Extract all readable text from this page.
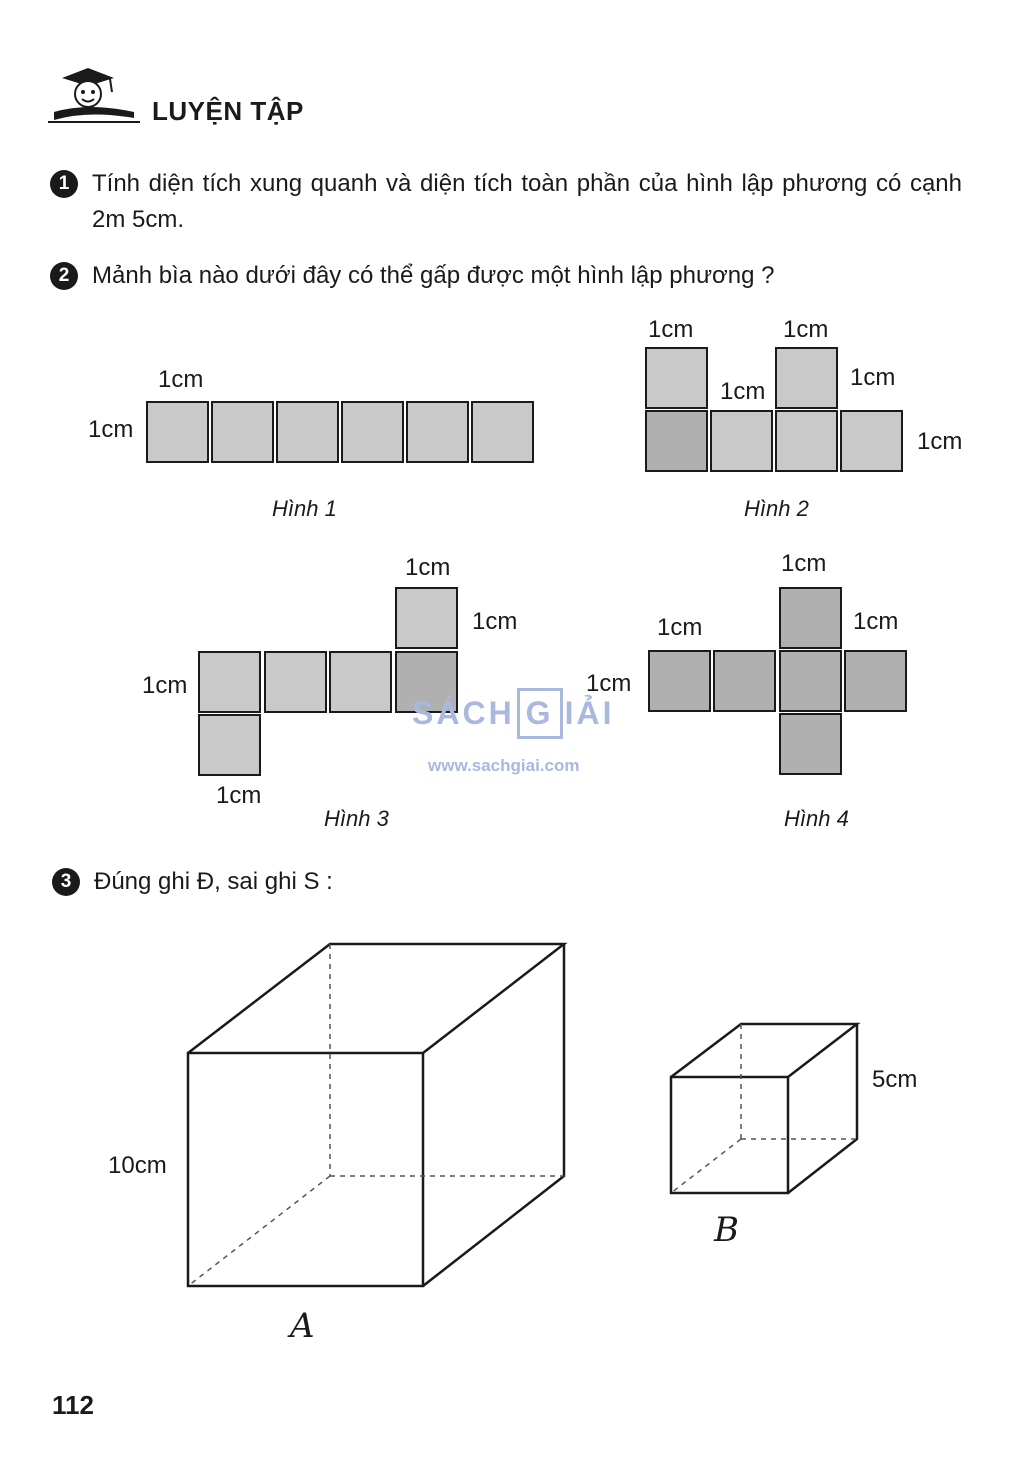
LUYỆN TẬP
1 Tính diện tích xung quanh và diện tích toàn phần của hình lập phương có cạnh 2m 5cm.
2 Mảnh bìa nào dưới đây có thể gấp được một hình lập phương ?
1cm
1cm
Hình 1
1cm	1cm
1cm
1cm
1cm
Hình 2
1cm
1cm
1cm
1cm
Hình 3
1cm
1cm
1cm
1cm
Hình 4
SÁCH G IẢI
www.sachgiai.com
3 Đúng ghi Đ, sai ghi S :
10cm
A
5cm
B
112
